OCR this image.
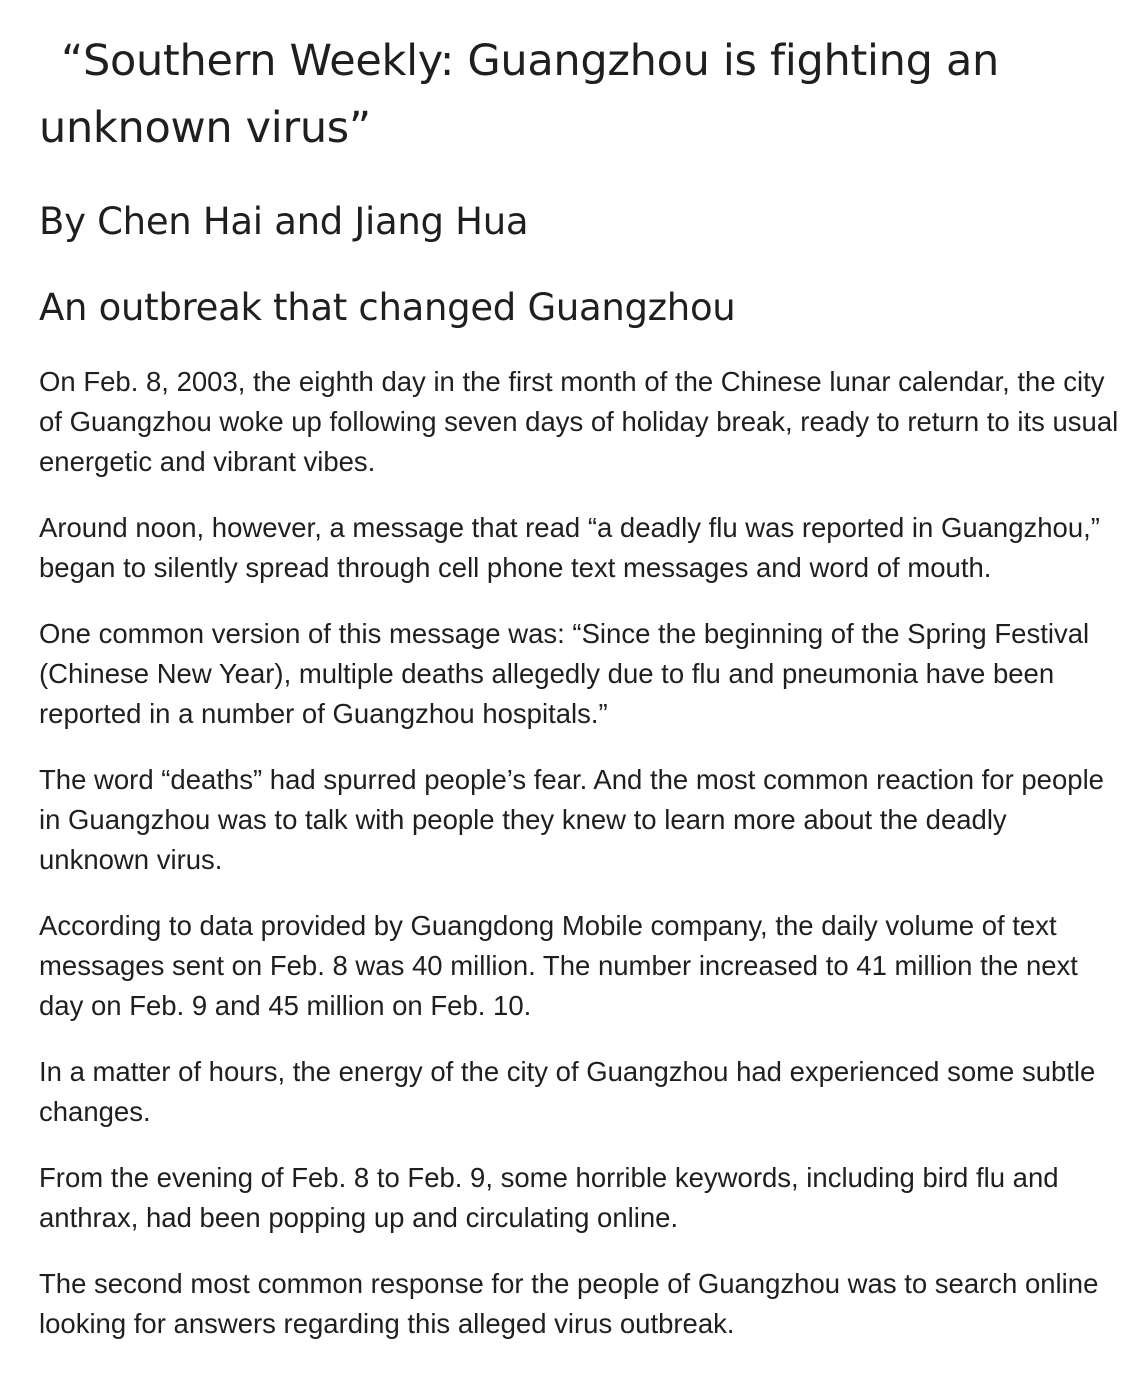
“Southern Weekly: Guangzhou is fighting an unknown virus”
By Chen Hai and Jiang Hua
An outbreak that changed Guangzhou

On Feb. 8, 2003, the eighth day in the first month of the Chinese lunar calendar, the city of Guangzhou woke up following seven days of holiday break, ready to return to its usual energetic and vibrant vibes.

Around noon, however, a message that read “a deadly flu was reported in Guangzhou,” began to silently spread through cell phone text messages and word of mouth.

One common version of this message was: “Since the beginning of the Spring Festival (Chinese New Year), multiple deaths allegedly due to flu and pneumonia have been reported in a number of Guangzhou hospitals.”

The word “deaths” had spurred people’s fear. And the most common reaction for people in Guangzhou was to talk with people they knew to learn more about the deadly unknown virus.

According to data provided by Guangdong Mobile company, the daily volume of text messages sent on Feb. 8 was 40 million. The number increased to 41 million the next day on Feb. 9 and 45 million on Feb. 10.

In a matter of hours, the energy of the city of Guangzhou had experienced some subtle changes.

From the evening of Feb. 8 to Feb. 9, some horrible keywords, including bird flu and anthrax, had been popping up and circulating online.

The second most common response for the people of Guangzhou was to search online looking for answers regarding this alleged virus outbreak.
